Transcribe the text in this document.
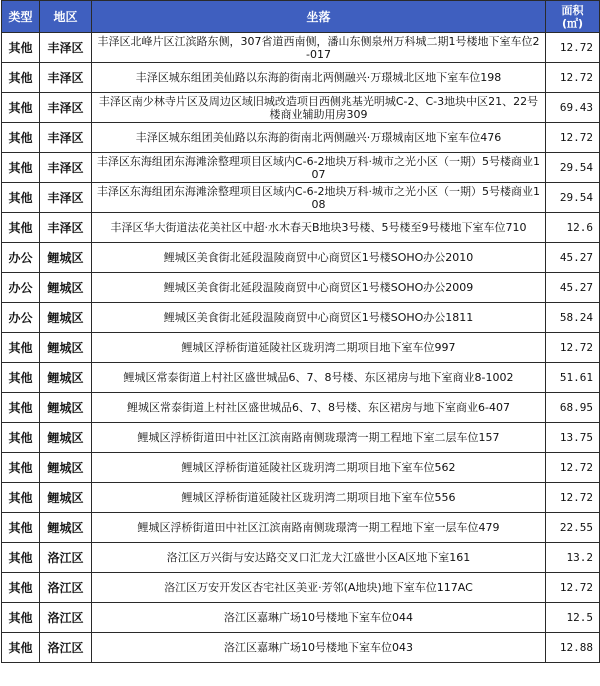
类型	地区	坐落	面积
(㎡)
其他	丰泽区	丰泽区北峰片区江滨路东侧，307省道西南侧，潘山东侧泉州万科城二期1号楼地下室车位2-017	12.72
其他	丰泽区	丰泽区城东组团美仙路以东海韵街南北两侧融兴·万璟城北区地下室车位198	12.72
其他	丰泽区	丰泽区南少林寺片区及周边区域旧城改造项目西侧兆基光明城C-2、C-3地块中区21、22号楼商业辅助用房309	69.43
其他	丰泽区	丰泽区城东组团美仙路以东海韵街南北两侧融兴·万璟城南区地下室车位476	12.72
其他	丰泽区	丰泽区东海组团东海滩涂整理项目区域内C-6-2地块万科·城市之光小区（一期）5号楼商业107	29.54
其他	丰泽区	丰泽区东海组团东海滩涂整理项目区域内C-6-2地块万科·城市之光小区（一期）5号楼商业108	29.54
其他	丰泽区	丰泽区华大街道法花美社区中超·水木春天B地块3号楼、5号楼至9号楼地下室车位710	12.6
办公	鲤城区	鲤城区美食街北延段温陵商贸中心商贸区1号楼SOHO办公2010	45.27
办公	鲤城区	鲤城区美食街北延段温陵商贸中心商贸区1号楼SOHO办公2009	45.27
办公	鲤城区	鲤城区美食街北延段温陵商贸中心商贸区1号楼SOHO办公1811	58.24
其他	鲤城区	鲤城区浮桥街道延陵社区珑玥湾二期项目地下室车位997	12.72
其他	鲤城区	鲤城区常泰街道上村社区盛世城品6、7、8号楼、东区裙房与地下室商业8-1002	51.61
其他	鲤城区	鲤城区常泰街道上村社区盛世城品6、7、8号楼、东区裙房与地下室商业6-407	68.95
其他	鲤城区	鲤城区浮桥街道田中社区江滨南路南侧珑璟湾一期工程地下室二层车位157	13.75
其他	鲤城区	鲤城区浮桥街道延陵社区珑玥湾二期项目地下室车位562	12.72
其他	鲤城区	鲤城区浮桥街道延陵社区珑玥湾二期项目地下室车位556	12.72
其他	鲤城区	鲤城区浮桥街道田中社区江滨南路南侧珑璟湾一期工程地下室一层车位479	22.55
其他	洛江区	洛江区万兴街与安达路交叉口汇龙大江盛世小区A区地下室161	13.2
其他	洛江区	洛江区万安开发区杏宅社区美亚·芳邻(A地块)地下室车位117AC	12.72
其他	洛江区	洛江区嘉琳广场10号楼地下室车位044	12.5
其他	洛江区	洛江区嘉琳广场10号楼地下室车位043	12.88
